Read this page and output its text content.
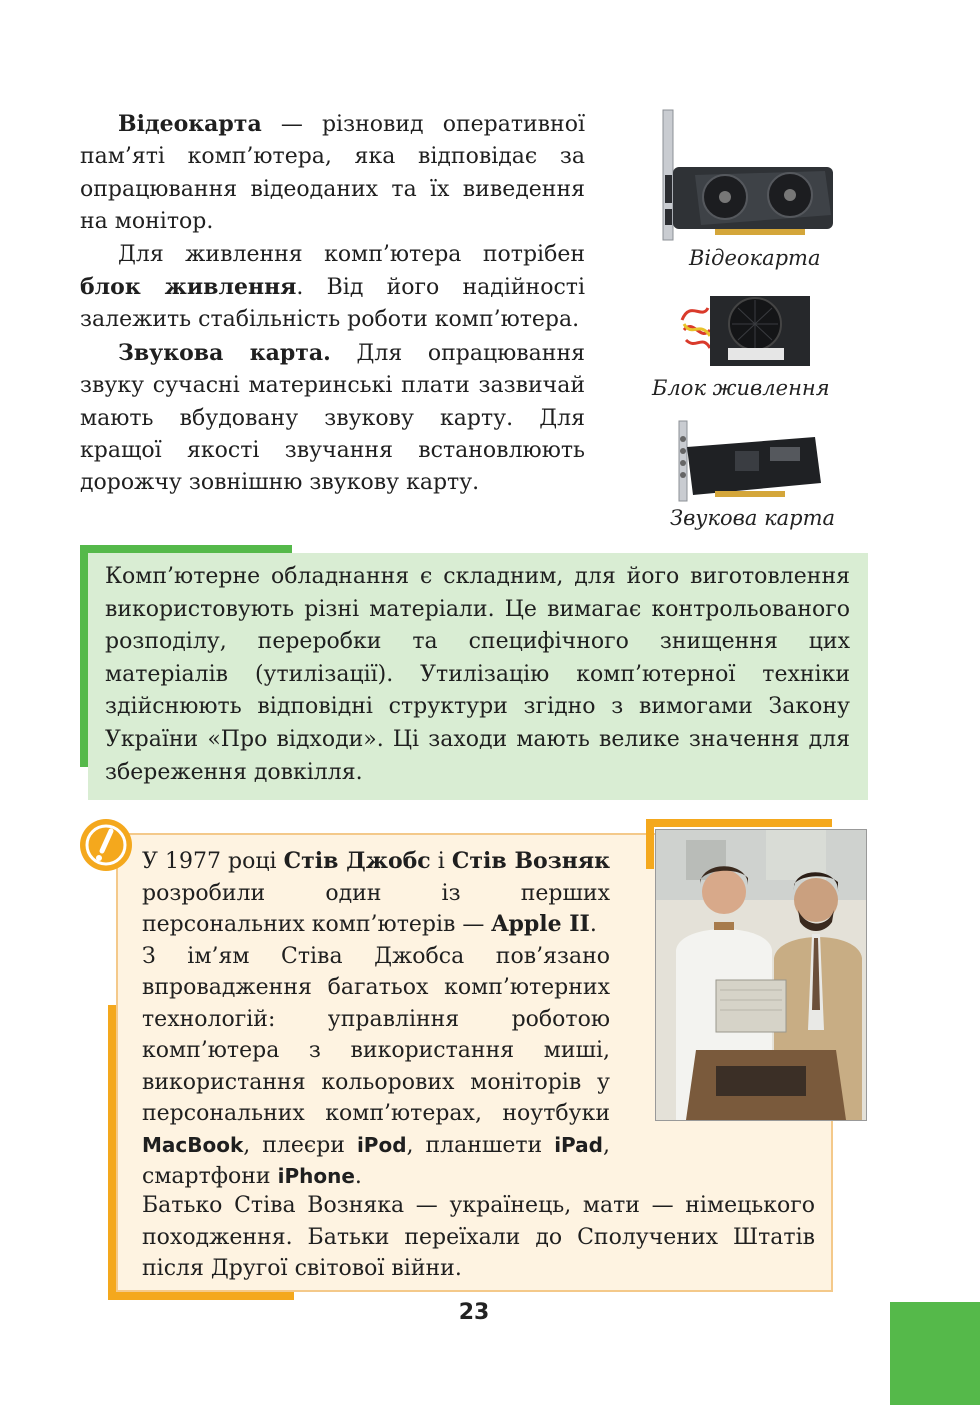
Відеокарта — різновид оперативної пам’яті комп’ютера, яка відповідає за опрацювання відеоданих та їх виведення на монітор.

Для живлення комп’ютера потрібен блок живлення. Від його надійності залежить стабільність роботи комп’ютера.

Звукова карта. Для опрацювання звуку сучасні материнські плати зазвичай мають вбудовану звукову карту. Для кращої якості звучання встановлюють дорожчу зовнішню звукову карту.

Відеокарта
Блок живлення
Звукова карта
Комп’ютерне обладнання є складним, для його виготовлення використовують різні матеріали. Це вимагає контрольованого розподілу, переробки та специфічного знищення цих матеріалів (утилізації). Утилізацію комп’ютерної техніки здійснюють відповідні структури згідно з вимогами Закону України «Про відходи». Ці заходи мають велике значення для збереження довкілля.

У 1977 році Стів Джобс і Стів Возняк розробили один із перших персональних комп’ютерів — Apple II.

З ім’ям Стіва Джобса пов’язано впровадження багатьох комп’ютерних технологій: управління роботою комп’ютера з використання миші, використання кольорових моніторів у персональних комп’ютерах, ноутбуки MacBook, плеєри iPod, планшети iPad, смартфони iPhone.

Батько Стіва Возняка — українець, мати — німецького походження. Батьки переїхали до Сполучених Штатів після Другої світової війни.

23
